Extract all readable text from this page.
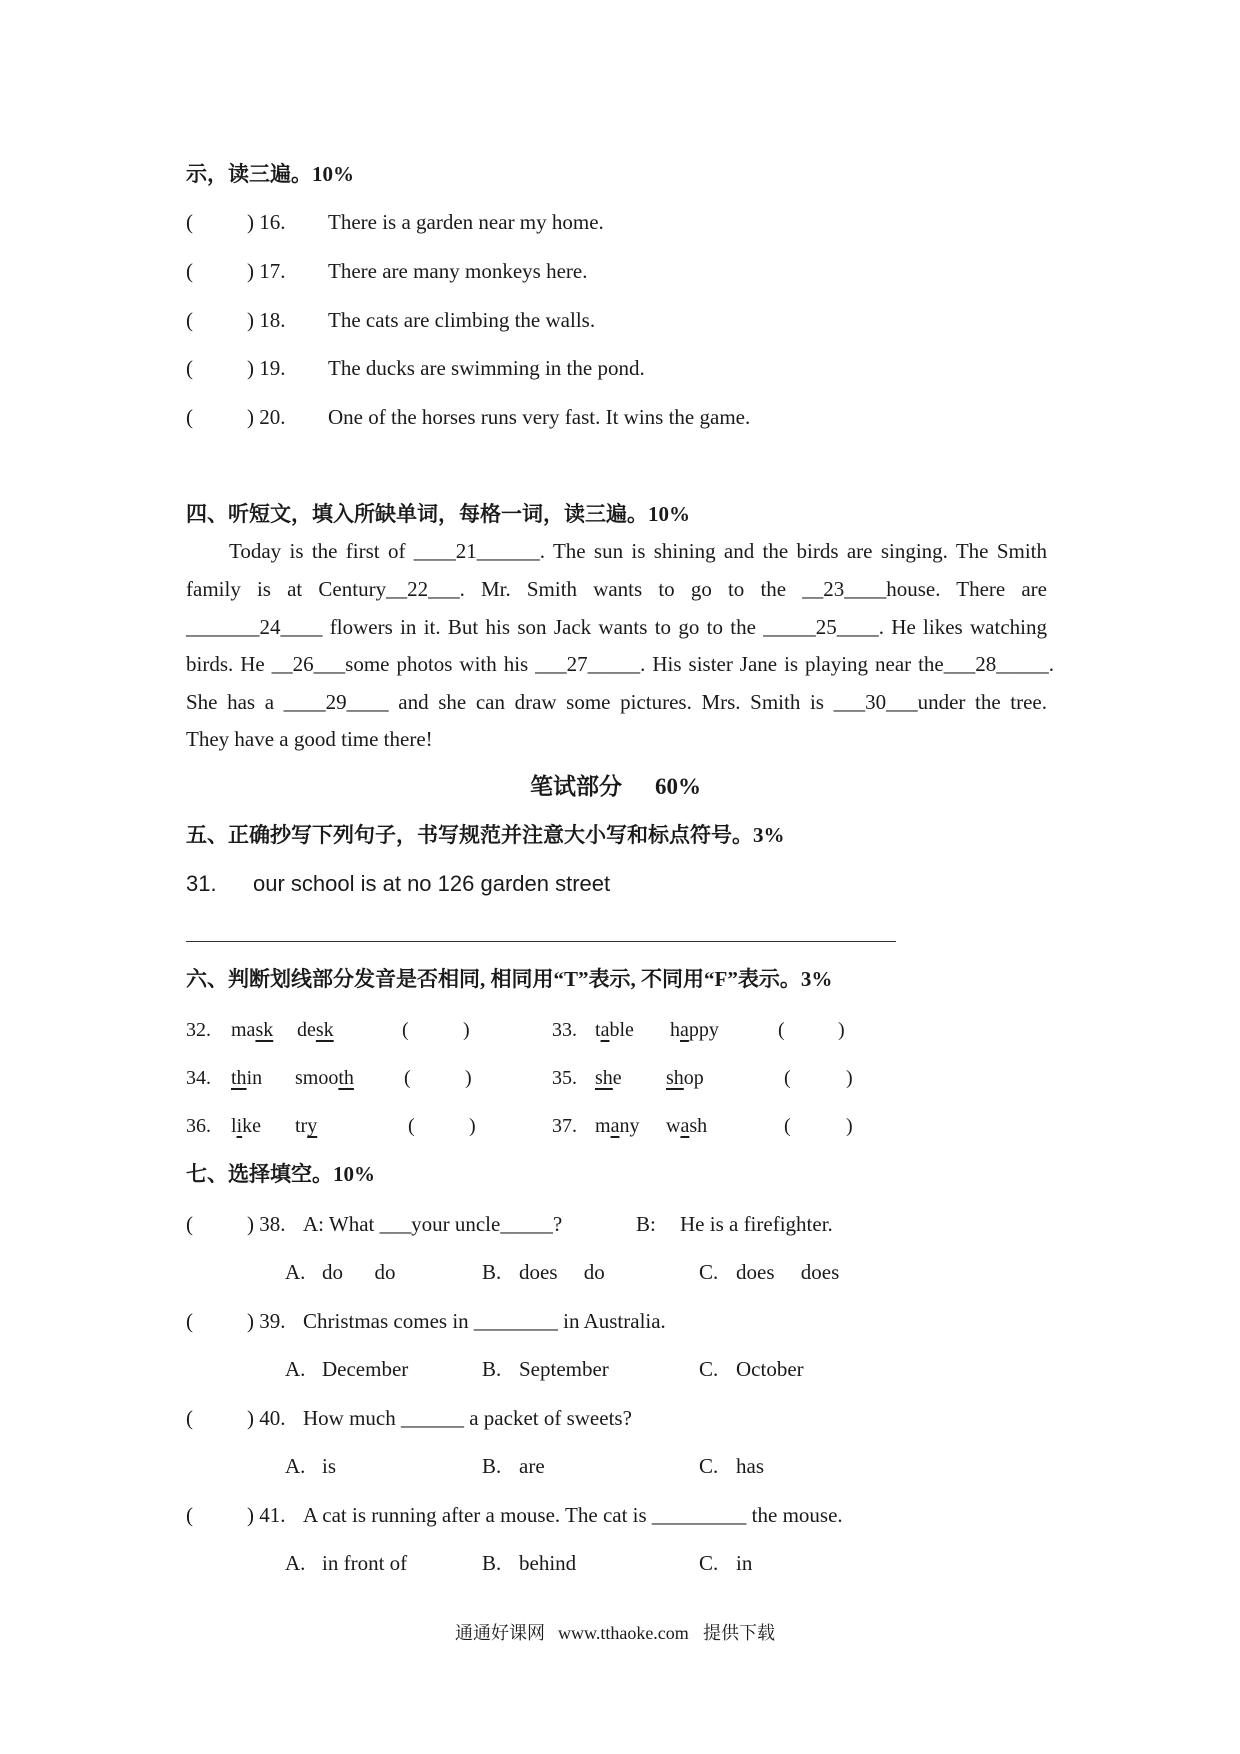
示，读三遍。10%
(	) 16. There is a garden near my home.
(	) 17. There are many monkeys here.
(	) 18. The cats are climbing the walls.
(	) 19. The ducks are swimming in the pond.
(	) 20. One of the horses runs very fast. It wins the game.
四、听短文，填入所缺单词，每格一词，读三遍。10%
Today is the first of ____21______. The sun is shining and the birds are singing. The Smith
family is at Century__22___. Mr. Smith wants to go to the __23____house. There are
_______24____ flowers in it. But his son Jack wants to go to the _____25____. He likes watching
birds. He __26___some photos with his ___27_____. His sister Jane is playing near the___28_____.
She has a ____29____ and she can draw some pictures. Mrs. Smith is ___30___under the tree.
They have a good time there!
笔试部分 60%
五、正确抄写下列句子，书写规范并注意大小写和标点符号。3%
31. our school is at no 126 garden street
六、判断划线部分发音是否相同, 相同用“T”表示, 不同用“F”表示。3%
32. mask desk	(	)	33. table happy	(	)
34. thin smooth	(	)	35. she shop	(	)
36. like try	(	)	37. many wash	(	)
七、选择填空。10%
(	) 38. A: What ___your uncle_____?	B: He is a firefighter.
A. do      do	B. does     do	C. does     does
(	) 39. Christmas comes in ________ in Australia.
A. December	B. September	C. October
(	) 40. How much ______ a packet of sweets?
A. is	B. are	C. has
(	) 41. A cat is running after a mouse. The cat is _________ the mouse.
A. in front of	B. behind	C. in
通通好课网 www.tthaoke.com 提供下载
